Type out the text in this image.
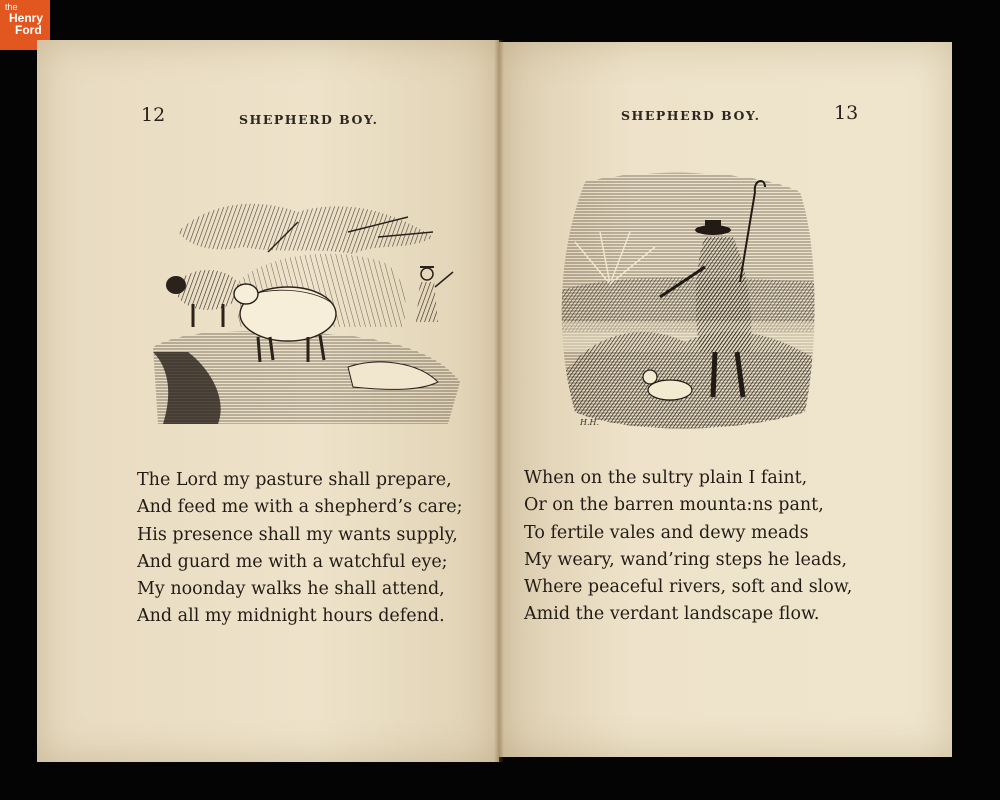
the
Henry
Ford
12	SHEPHERD BOY.
The Lord my pasture shall prepare,
And feed me with a shepherd’s care;
His presence shall my wants supply,
And guard me with a watchful eye;
My noonday walks he shall attend,
And all my midnight hours defend.
SHEPHERD BOY.	13
H.H.
When on the sultry plain I faint,
Or on the barren mounta:ns pant,
To fertile vales and dewy meads
My weary, wand’ring steps he leads,
Where peaceful rivers, soft and slow,
Amid the verdant landscape flow.
